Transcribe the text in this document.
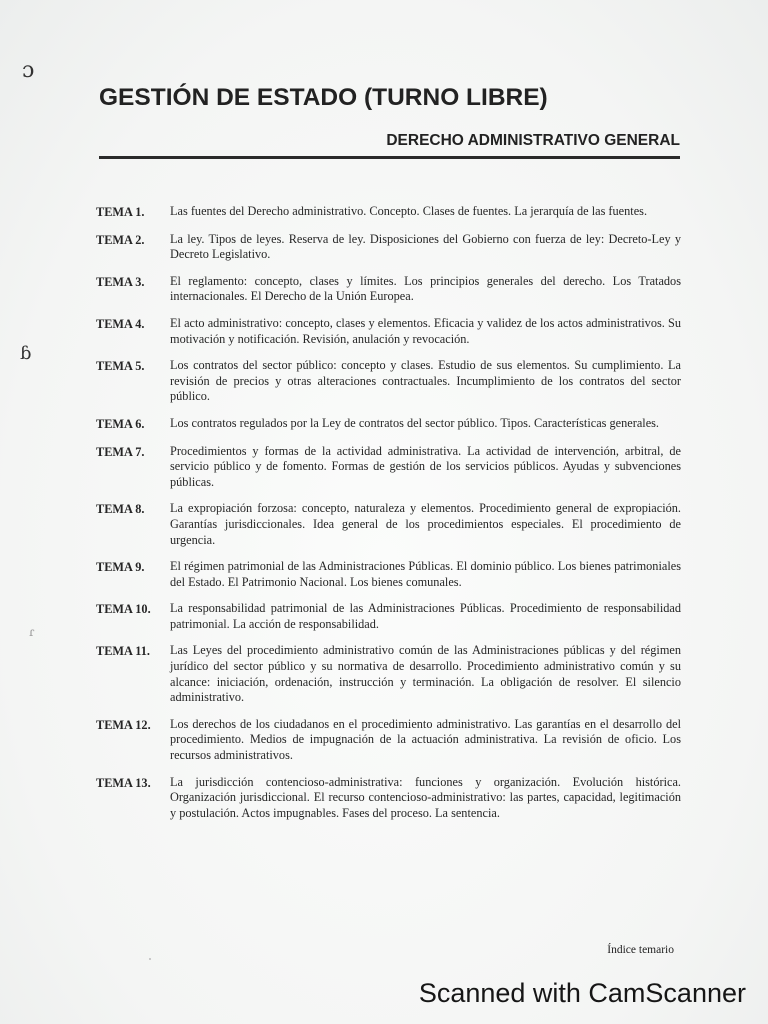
ɔ
ɓ
ɾ
GESTIÓN DE ESTADO (TURNO LIBRE)
DERECHO ADMINISTRATIVO GENERAL
TEMA 1.	Las fuentes del Derecho administrativo. Concepto. Clases de fuentes. La jerarquía de las fuentes.
TEMA 2.	La ley. Tipos de leyes. Reserva de ley. Disposiciones del Gobierno con fuerza de ley: Decreto-Ley y Decreto Legislativo.
TEMA 3.	El reglamento: concepto, clases y límites. Los principios generales del derecho. Los Tratados internacionales. El Derecho de la Unión Europea.
TEMA 4.	El acto administrativo: concepto, clases y elementos. Eficacia y validez de los actos administrativos. Su motivación y notificación. Revisión, anulación y revocación.
TEMA 5.	Los contratos del sector público: concepto y clases. Estudio de sus elementos. Su cumplimiento. La revisión de precios y otras alteraciones contractuales. Incumplimiento de los contratos del sector público.
TEMA 6.	Los contratos regulados por la Ley de contratos del sector público. Tipos. Características generales.
TEMA 7.	Procedimientos y formas de la actividad administrativa. La actividad de intervención, arbitral, de servicio público y de fomento. Formas de gestión de los servicios públicos. Ayudas y subvenciones públicas.
TEMA 8.	La expropiación forzosa: concepto, naturaleza y elementos. Procedimiento general de expropiación. Garantías jurisdiccionales. Idea general de los procedimientos especiales. El procedimiento de urgencia.
TEMA 9.	El régimen patrimonial de las Administraciones Públicas. El dominio público. Los bienes patrimoniales del Estado. El Patrimonio Nacional. Los bienes comunales.
TEMA 10.	La responsabilidad patrimonial de las Administraciones Públicas. Procedimiento de responsabilidad patrimonial. La acción de responsabilidad.
TEMA 11.	Las Leyes del procedimiento administrativo común de las Administraciones públicas y del régimen jurídico del sector público y su normativa de desarrollo. Procedimiento administrativo común y su alcance: iniciación, ordenación, instrucción y terminación. La obligación de resolver. El silencio administrativo.
TEMA 12.	Los derechos de los ciudadanos en el procedimiento administrativo. Las garantías en el desarrollo del procedimiento. Medios de impugnación de la actuación administrativa. La revisión de oficio. Los recursos administrativos.
TEMA 13.	La jurisdicción contencioso-administrativa: funciones y organización. Evolución histórica. Organización jurisdiccional. El recurso contencioso-administrativo: las partes, capacidad, legitimación y postulación. Actos impugnables. Fases del proceso. La sentencia.
Índice temario
Scanned with CamScanner
